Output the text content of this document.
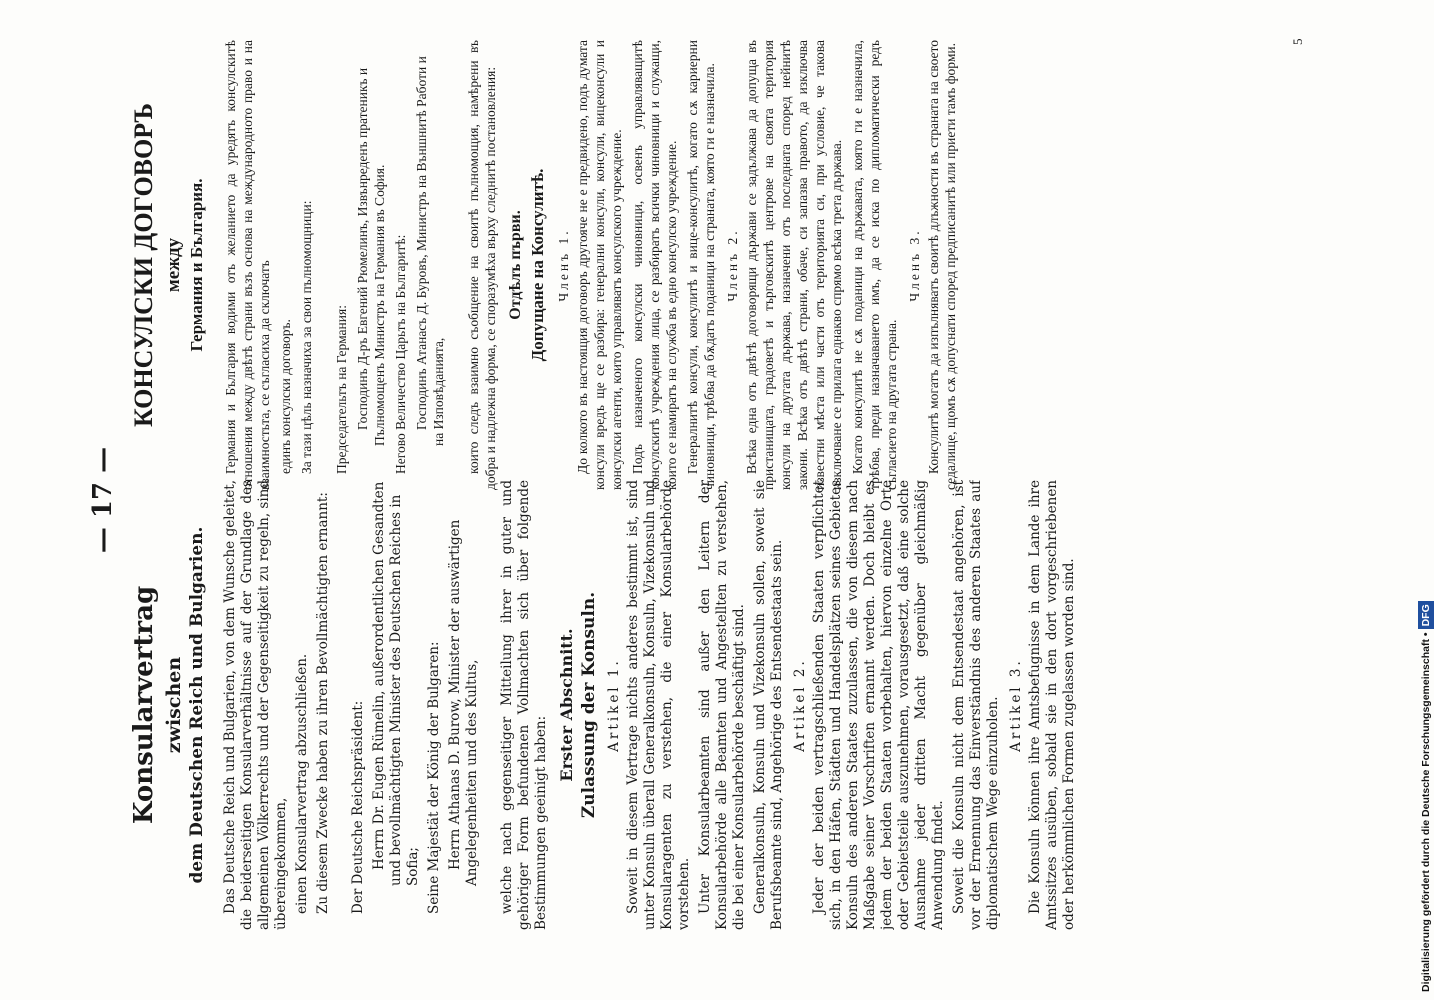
— 17 —
Konsularvertrag zwischen dem Deutschen Reich und Bulgarien. Das Deutsche Reich und Bulgarien, von dem Wunsche geleitet, die beiderseitigen Konsularverhältnisse auf der Grundlage des allgemeinen Völkerrechts und der Gegenseitigkeit zu regeln, sind übereingekommen, einen Konsularvertrag abzuschließen. Zu diesem Zwecke haben zu ihren Bevollmächtigten ernannt: Der Deutsche Reichspräsident: Herrn Dr. Eugen Rümelin, außerordentlichen Gesandten und bevollmächtigten Minister des Deutschen Reiches in Sofia; Seine Majestät der König der Bulgaren: Herrn Athanas D. Burow, Minister der auswärtigen Angelegenheiten und des Kultus, welche nach gegenseitiger Mitteilung ihrer in guter und gehöriger Form befundenen Vollmachten sich über folgende Bestimmungen geeinigt haben:

Erster Abschnitt. Zulassung der Konsuln. Artikel 1. Soweit in diesem Vertrage nichts anderes bestimmt ist, sind unter Konsuln überall Generalkonsuln, Konsuln, Vizekonsuln und Konsularagenten zu verstehen, die einer Konsularbehörde vorstehen. Unter Konsularbeamten sind außer den Leitern der Konsularbehörde alle Beamten und Angestellten zu verstehen, die bei einer Konsularbehörde beschäftigt sind. Generalkonsuln, Konsuln und Vizekonsuln sollen, soweit sie Berufsbeamte sind, Angehörige des Entsendestaats sein. Artikel 2. Jeder der beiden vertragschließenden Staaten verpflichtet sich, in den Häfen, Städten und Handelsplätzen seines Gebietes Konsuln des anderen Staates zuzulassen, die von diesem nach Maßgabe seiner Vorschriften ernannt werden. Doch bleibt es jedem der beiden Staaten vorbehalten, hiervon einzelne Orte oder Gebietsteile auszunehmen, vorausgesetzt, daß eine solche Ausnahme jeder dritten Macht gegenüber gleichmäßig Anwendung findet. Soweit die Konsuln nicht dem Entsendestaat angehören, ist vor der Ernennung das Einverständnis des anderen Staates auf diplomatischem Wege einzuholen. Artikel 3. Die Konsuln können ihre Amtsbefugnisse in dem Lande ihre Amtssitzes ausüben, sobald sie in den dort vorgeschriebenen oder herkömmlichen Formen zugelassen worden sind.

КОНСУЛСКИ ДОГОВОРЪ между Германия и България. Германия и България водими отъ желанието да уредятъ консулскитѣ отношения между двѣтѣ страни възъ основа на международното право и на взаимностьта, се съгласиха да сключатъ единъ консулски договоръ. За тази цѣль назначиха за свои пълномощници: Председательтъ на Германия: Господинъ Д-ръ Евгений Рюмелинъ, Извънреденъ пратеникъ и Пълномощенъ Министръ на Германия въ София. Негово Величество Царьтъ на Българитѣ: Господинъ Атанасъ Д. Буровъ, Министръ на Външнитѣ Работи и на Изповѣданията, които следъ взаимно съобщение на своитѣ пълномощия, намѣрени въ добра и надлежна форма, се споразумѣха върху следнитѣ постановления: Отдѣлъ първи. Допущане на Консулитѣ. Членъ 1. До колкото въ настоящия договоръ другояче не е предвидено, подъ думата консули вредъ ще се разбира: генерални консули, консули, вицеконсули и консулски агенти, които управляватъ консулского учреждение. Подъ назначеного консулски чиновници, освенъ управляващитѣ консулскитѣ учреждения лица, се разбиратъ всички чиновници и служащи, които се намиратъ на служба въ едно консулско учреждение. Генералнитѣ консули, консулитѣ и вице-консулитѣ, когато сѫ кариерни чиновници, трѣбва да бѫдатъ поданици на страната, която ги е назначила. Членъ 2. Всѣка една отъ двѣтѣ договорящи държави се задължава да допуща въ пристанищата, градоветѣ и търговскитѣ центрове на своята територия консули на другата държава, назначени отъ последната според нейнитѣ закони. Всѣка отъ двѣтѣ страни, обаче, си запазва правото, да изключва известни мѣста или части отъ територията си, при условие, че такова изключване се прилага еднакво спрямо всѣка трета държава. Когато консулитѣ не сѫ поданици на държавата, която ги е назначила, трѣбва, преди назначаването имъ, да се иска по дипломатически редъ съгласието на другата страна.

Членъ 3. Консулитѣ могатъ да изпълняватъ своитѣ длъжности въ страната на своето седалище, щомъ сѫ допуснати според предписанитѣ или приети тамъ форми.

5
Digitalisierung gefördert durch die Deutsche Forschungsgemeinschaft •DFG
